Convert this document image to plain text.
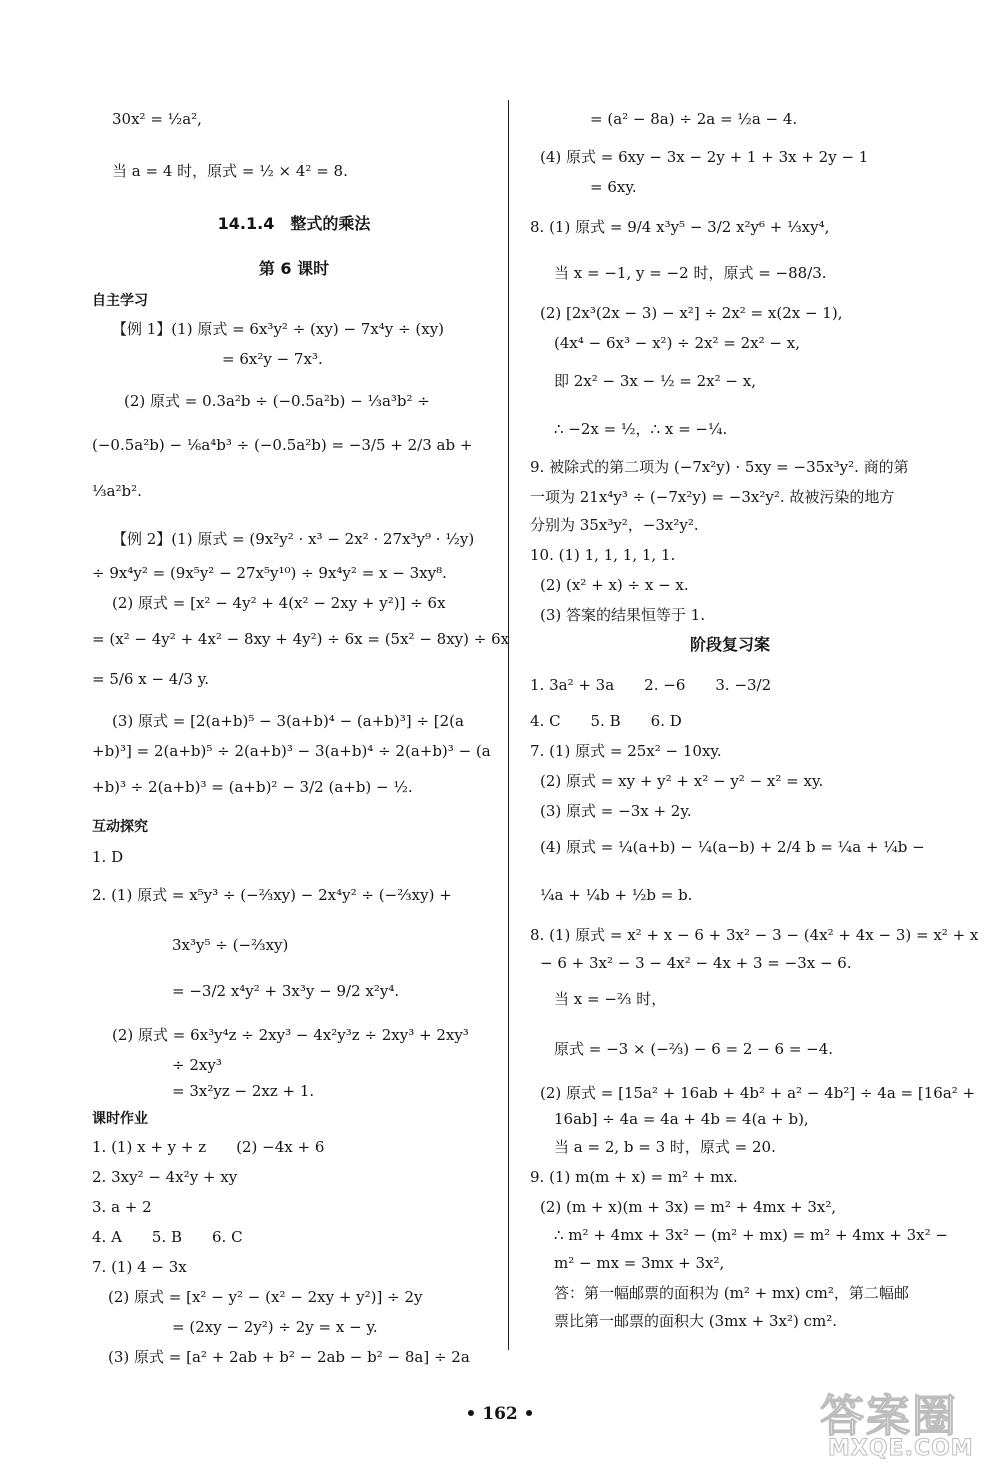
30x² = ½a²,
当 a = 4 时，原式 = ½ × 4² = 8.
14.1.4　整式的乘法
第 6 课时
自主学习
【例 1】(1) 原式 = 6x³y² ÷ (xy) − 7x⁴y ÷ (xy)
= 6x²y − 7x³.
(2) 原式 = 0.3a²b ÷ (−0.5a²b) − ⅓a³b² ÷
(−0.5a²b) − ⅙a⁴b³ ÷ (−0.5a²b) = −3/5 + 2/3 ab +
⅓a²b².
【例 2】(1) 原式 = (9x²y² · x³ − 2x² · 27x³y⁹ · ½y)
÷ 9x⁴y² = (9x⁵y² − 27x⁵y¹⁰) ÷ 9x⁴y² = x − 3xy⁸.
(2) 原式 = [x² − 4y² + 4(x² − 2xy + y²)] ÷ 6x
= (x² − 4y² + 4x² − 8xy + 4y²) ÷ 6x = (5x² − 8xy) ÷ 6x
= 5/6 x − 4/3 y.
(3) 原式 = [2(a+b)⁵ − 3(a+b)⁴ − (a+b)³] ÷ [2(a
+b)³] = 2(a+b)⁵ ÷ 2(a+b)³ − 3(a+b)⁴ ÷ 2(a+b)³ − (a
+b)³ ÷ 2(a+b)³ = (a+b)² − 3/2 (a+b) − ½.
互动探究
1. D
2. (1) 原式 = x⁵y³ ÷ (−⅔xy) − 2x⁴y² ÷ (−⅔xy) +
3x³y⁵ ÷ (−⅔xy)
= −3/2 x⁴y² + 3x³y − 9/2 x²y⁴.
(2) 原式 = 6x³y⁴z ÷ 2xy³ − 4x²y³z ÷ 2xy³ + 2xy³
÷ 2xy³
= 3x²yz − 2xz + 1.
课时作业
1. (1) x + y + z　　(2) −4x + 6
2. 3xy² − 4x²y + xy
3. a + 2
4. A　　5. B　　6. C
7. (1) 4 − 3x
(2) 原式 = [x² − y² − (x² − 2xy + y²)] ÷ 2y
= (2xy − 2y²) ÷ 2y = x − y.
(3) 原式 = [a² + 2ab + b² − 2ab − b² − 8a] ÷ 2a
= (a² − 8a) ÷ 2a = ½a − 4.
(4) 原式 = 6xy − 3x − 2y + 1 + 3x + 2y − 1
= 6xy.
8. (1) 原式 = 9/4 x³y⁵ − 3/2 x²y⁶ + ⅓xy⁴,
当 x = −1, y = −2 时，原式 = −88/3.
(2) [2x³(2x − 3) − x²] ÷ 2x² = x(2x − 1),
(4x⁴ − 6x³ − x²) ÷ 2x² = 2x² − x,
即 2x² − 3x − ½ = 2x² − x,
∴ −2x = ½，∴ x = −¼.
9. 被除式的第二项为 (−7x²y) · 5xy = −35x³y². 商的第
一项为 21x⁴y³ ÷ (−7x²y) = −3x²y². 故被污染的地方
分别为 35x³y²，−3x²y².
10. (1) 1, 1, 1, 1, 1.
(2) (x² + x) ÷ x − x.
(3) 答案的结果恒等于 1.
阶段复习案
1. 3a² + 3a　　2. −6　　3. −3/2
4. C　　5. B　　6. D
7. (1) 原式 = 25x² − 10xy.
(2) 原式 = xy + y² + x² − y² − x² = xy.
(3) 原式 = −3x + 2y.
(4) 原式 = ¼(a+b) − ¼(a−b) + 2/4 b = ¼a + ¼b −
¼a + ¼b + ½b = b.
8. (1) 原式 = x² + x − 6 + 3x² − 3 − (4x² + 4x − 3) = x² + x
− 6 + 3x² − 3 − 4x² − 4x + 3 = −3x − 6.
当 x = −⅔ 时，
原式 = −3 × (−⅔) − 6 = 2 − 6 = −4.
(2) 原式 = [15a² + 16ab + 4b² + a² − 4b²] ÷ 4a = [16a² +
16ab] ÷ 4a = 4a + 4b = 4(a + b),
当 a = 2, b = 3 时，原式 = 20.
9. (1) m(m + x) = m² + mx.
(2) (m + x)(m + 3x) = m² + 4mx + 3x²,
∴ m² + 4mx + 3x² − (m² + mx) = m² + 4mx + 3x² −
m² − mx = 3mx + 3x²,
答：第一幅邮票的面积为 (m² + mx) cm²，第二幅邮
票比第一邮票的面积大 (3mx + 3x²) cm².
• 162 •	答案圈
MXQE.COM
